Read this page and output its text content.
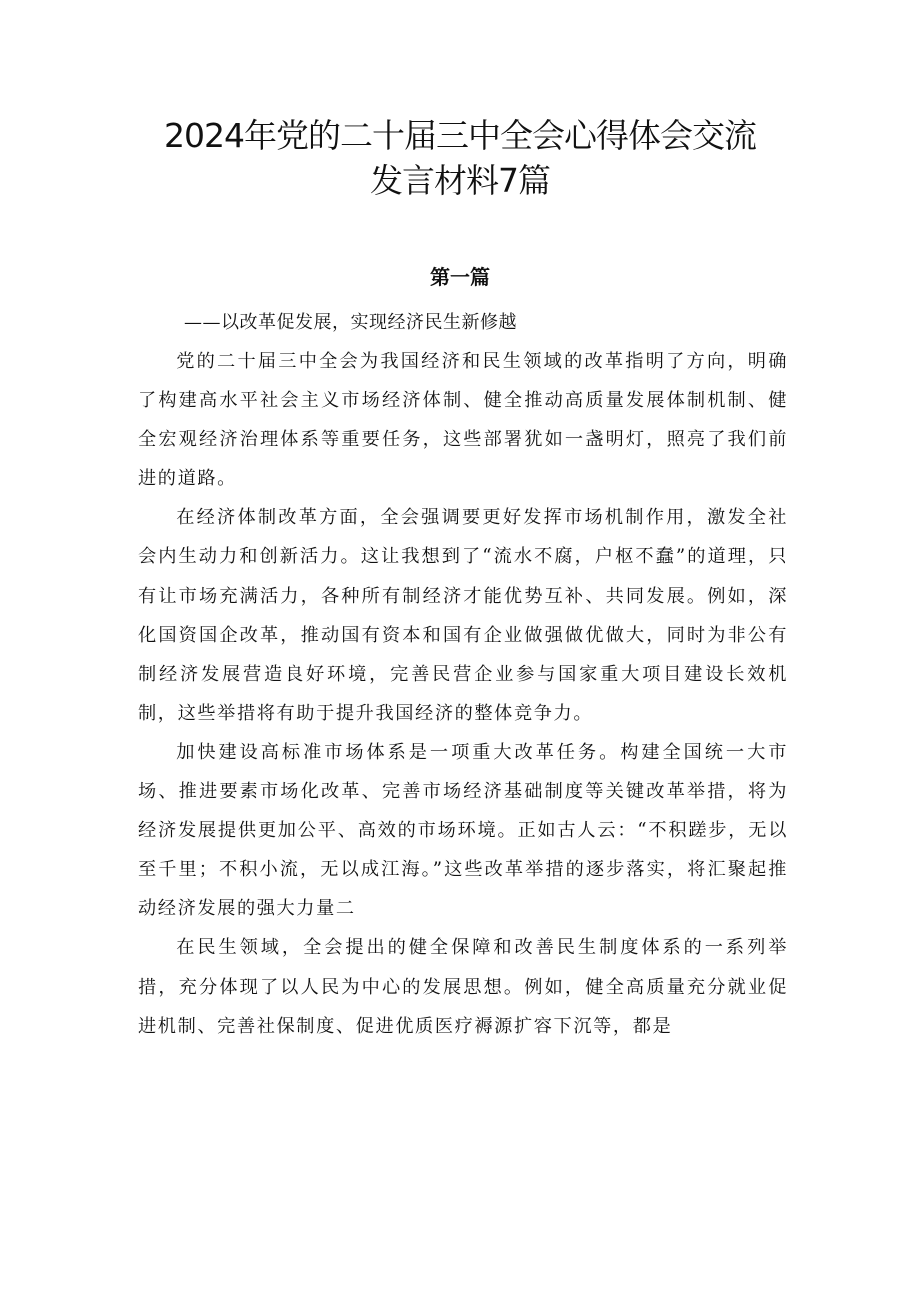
2024年党的二十届三中全会心得体会交流
发言材料7篇
第一篇

——以改革促发展，实现经济民生新修越

党的二十届三中全会为我国经济和民生领域的改革指明了方向，明确了构建高水平社会主义市场经济体制、健全推动高质量发展体制机制、健全宏观经济治理体系等重要任务，这些部署犹如一盏明灯，照亮了我们前进的道路。

在经济体制改革方面，全会强调要更好发挥市场机制作用，激发全社会内生动力和创新活力。这让我想到了“流水不腐，户枢不蠢”的道理，只有让市场充满活力，各种所有制经济才能优势互补、共同发展。例如，深化国资国企改革，推动国有资本和国有企业做强做优做大，同时为非公有制经济发展营造良好环境，完善民营企业参与国家重大项目建设长效机制，这些举措将有助于提升我国经济的整体竞争力。

加快建设高标准市场体系是一项重大改革任务。构建全国统一大市场、推进要素市场化改革、完善市场经济基础制度等关键改革举措，将为经济发展提供更加公平、高效的市场环境。正如古人云：“不积蹉步，无以至千里；不积小流，无以成江海。”这些改革举措的逐步落实，将汇聚起推动经济发展的强大力量二

在民生领域，全会提出的健全保障和改善民生制度体系的一系列举措，充分体现了以人民为中心的发展思想。例如，健全高质量充分就业促进机制、完善社保制度、促进优质医疗褥源扩容下沉等，都是
